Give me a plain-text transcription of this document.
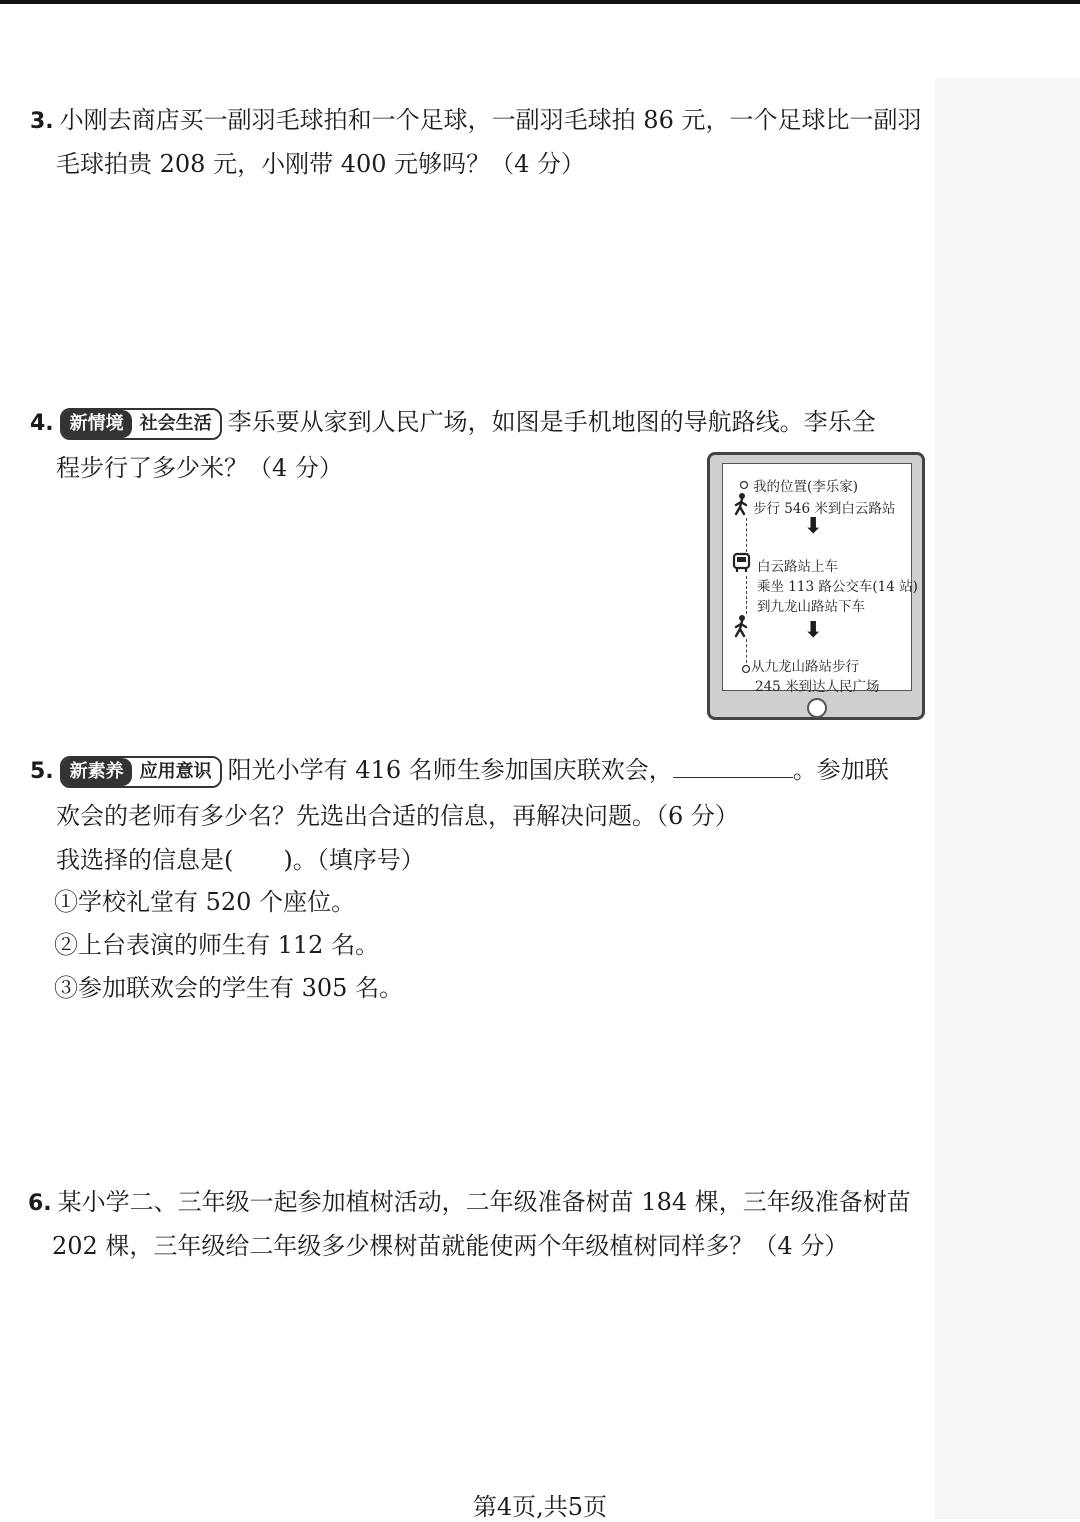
3. 小刚去商店买一副羽毛球拍和一个足球，一副羽毛球拍 86 元，一个足球比一副羽
毛球拍贵 208 元，小刚带 400 元够吗？（4 分）
4. 新情境 社会生活 李乐要从家到人民广场，如图是手机地图的导航路线。李乐全
程步行了多少米？（4 分）
我的位置(李乐家)
步行 546 米到白云路站
⬇
白云路站上车
乘坐 113 路公交车(14 站)
到九龙山路站下车
⬇
从九龙山路站步行
245 米到达人民广场
5. 新素养 应用意识 阳光小学有 416 名师生参加国庆联欢会，	。参加联
欢会的老师有多少名？先选出合适的信息，再解决问题。（6 分）
我选择的信息是( )。（填序号）
①学校礼堂有 520 个座位。
②上台表演的师生有 112 名。
③参加联欢会的学生有 305 名。
6. 某小学二、三年级一起参加植树活动，二年级准备树苗 184 棵，三年级准备树苗
202 棵，三年级给二年级多少棵树苗就能使两个年级植树同样多？（4 分）
第4页,共5页
